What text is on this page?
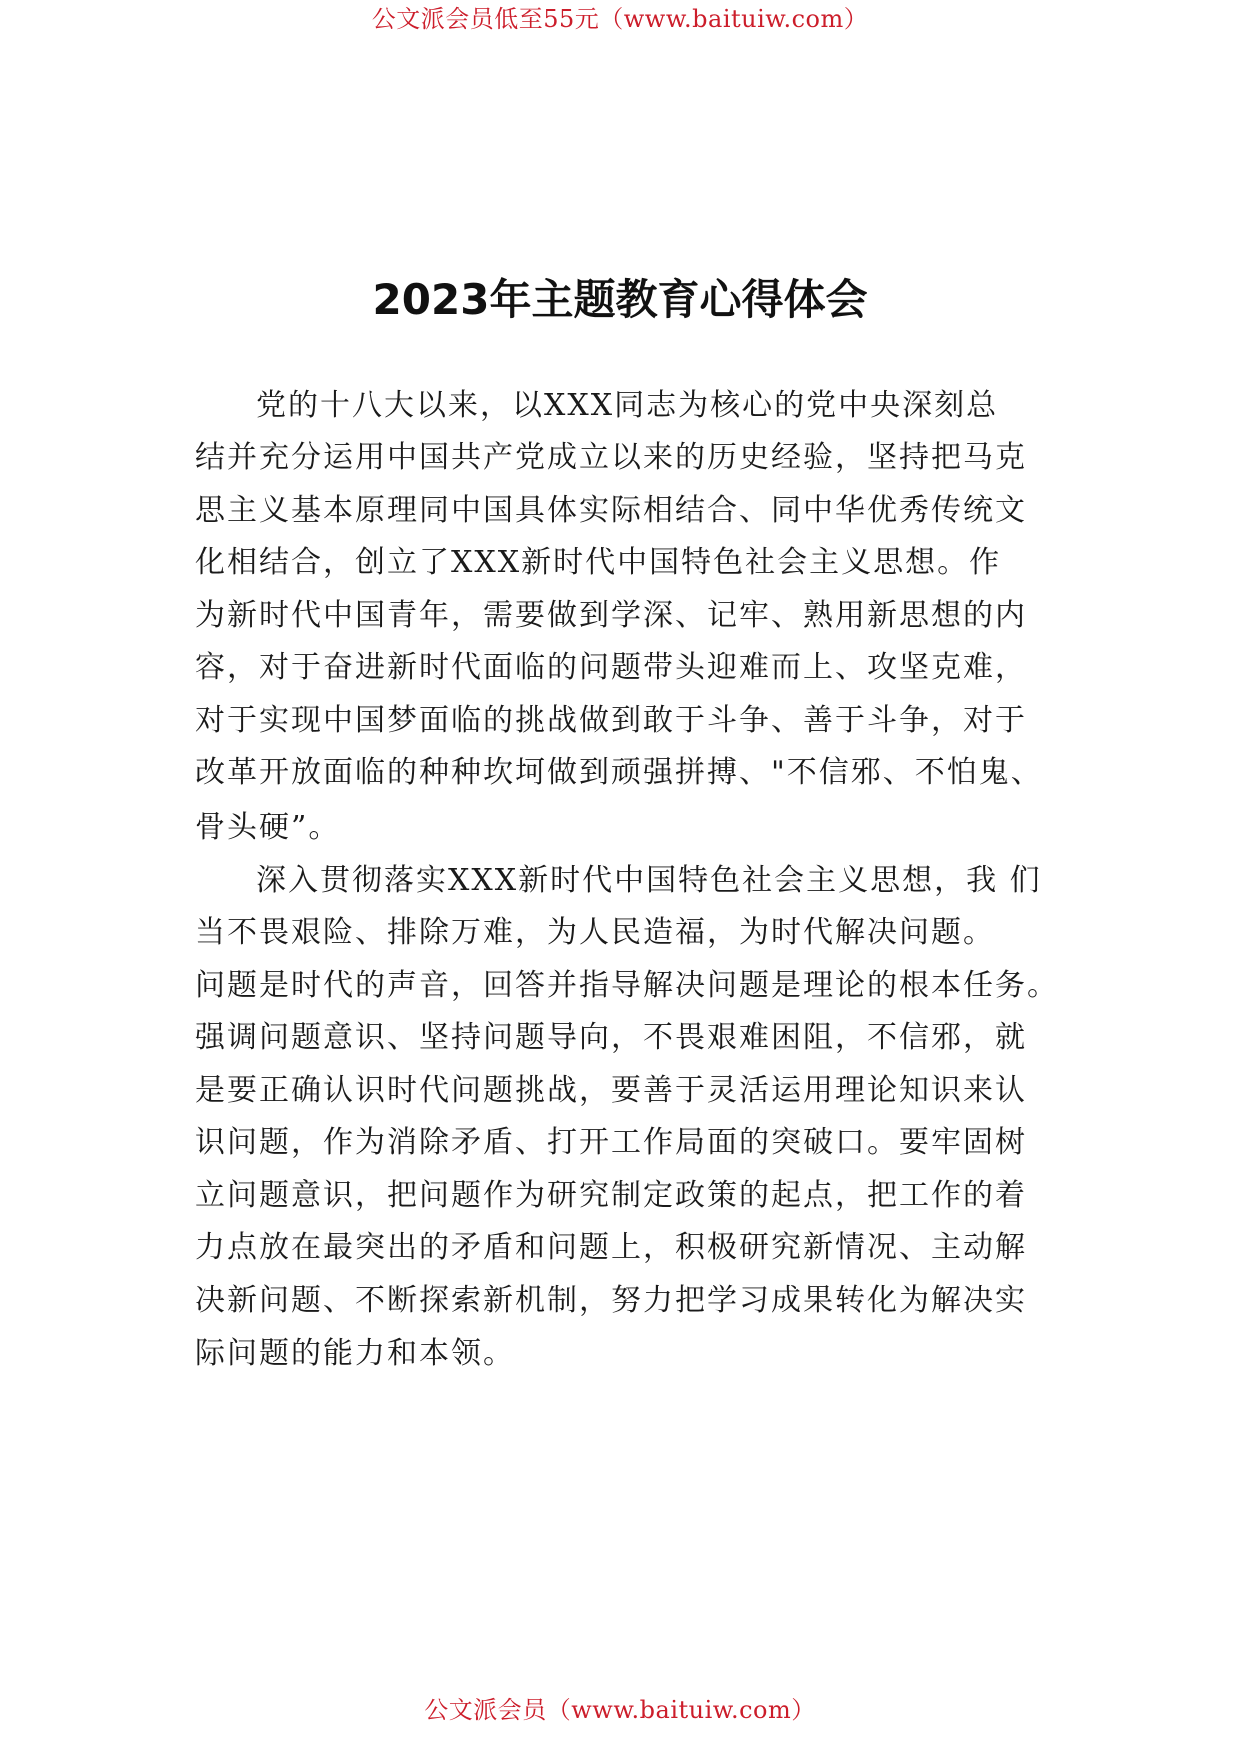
公文派会员低至55元（www.baituiw.com）
2023年主题教育心得体会
党的十八大以来，以XXX同志为核心的党中央深刻总
结并充分运用中国共产党成立以来的历史经验，坚持把马克
思主义基本原理同中国具体实际相结合、同中华优秀传统文
化相结合，创立了XXX新时代中国特色社会主义思想。作
为新时代中国青年，需要做到学深、记牢、熟用新思想的内
容，对于奋进新时代面临的问题带头迎难而上、攻坚克难，
对于实现中国梦面临的挑战做到敢于斗争、善于斗争，对于
改革开放面临的种种坎坷做到顽强拼搏、"不信邪、不怕鬼、
骨头硬”。
深入贯彻落实XXX新时代中国特色社会主义思想，我 们
当不畏艰险、排除万难，为人民造福，为时代解决问题。
问题是时代的声音，回答并指导解决问题是理论的根本任务。
强调问题意识、坚持问题导向，不畏艰难困阻，不信邪，就
是要正确认识时代问题挑战，要善于灵活运用理论知识来认
识问题，作为消除矛盾、打开工作局面的突破口。要牢固树
立问题意识，把问题作为研究制定政策的起点，把工作的着
力点放在最突出的矛盾和问题上，积极研究新情况、主动解
决新问题、不断探索新机制，努力把学习成果转化为解决实
际问题的能力和本领。
公文派会员（www.baituiw.com）
